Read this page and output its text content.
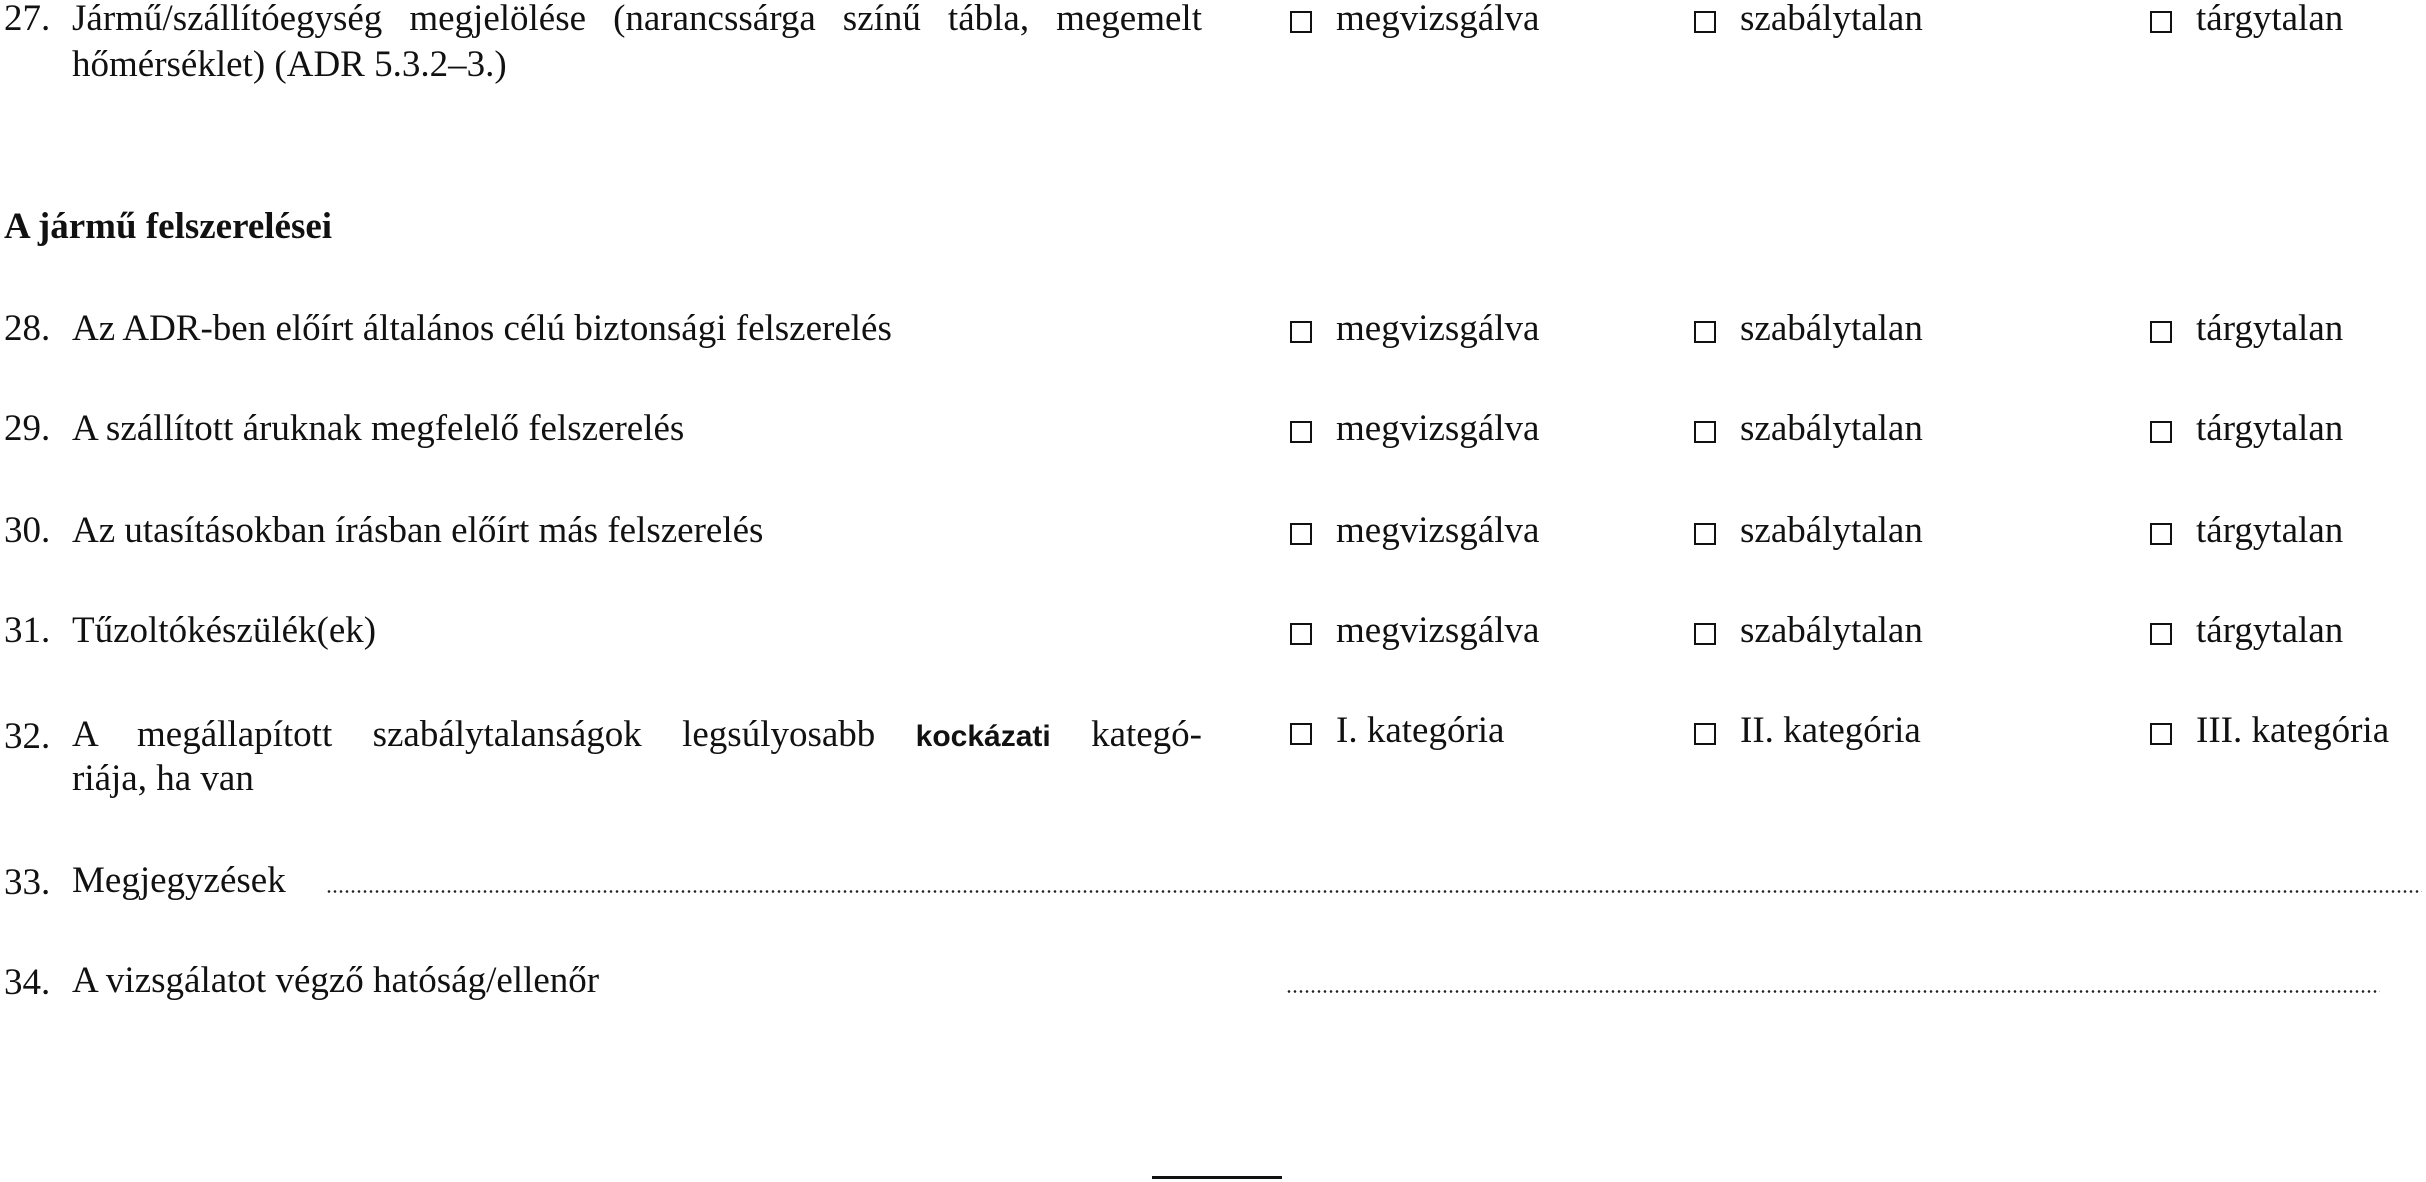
27. Jármű/szállítóegység megjelölése (narancssárga színű tábla, megemelt
hőmérséklet) (ADR 5.3.2–3.)
megvizsgálva	szabálytalan	tárgytalan
A jármű felszerelései
28. Az ADR-ben előírt általános célú biztonsági felszerelés	megvizsgálva	szabálytalan	tárgytalan
29. A szállított áruknak megfelelő felszerelés	megvizsgálva	szabálytalan	tárgytalan
30. Az utasításokban írásban előírt más felszerelés	megvizsgálva	szabálytalan	tárgytalan
31. Tűzoltókészülék(ek)	megvizsgálva	szabálytalan	tárgytalan
32. A megállapított szabálytalanságok legsúlyosabb kockázati kategó-
riája, ha van
I. kategória	II. kategória	III. kategória
33. Megjegyzések
34. A vizsgálatot végző hatóság/ellenőr
